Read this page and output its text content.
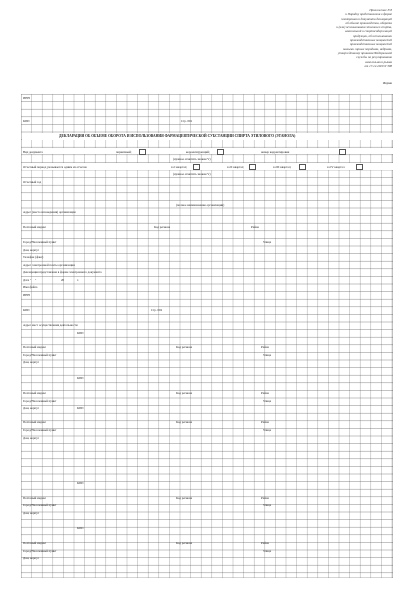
Приложение N 8
к Порядку представления в форме
электронного документа деклараций
об объеме производства, оборота
и (или) использования этилового спирта,
алкогольной и спиртосодержащей
продукции, об использовании
производственных мощностей
производственных мощностей
малыми горных породами, недрами,
утвержденному приказом Федеральной
службы по регулированию
алкогольного рынка
от 17.12.2020 N 398
Форма
ИНН
КПП	Стр. 001
ДЕКЛАРАЦИЯ ОБ ОБЪЕМЕ ОБОРОТА И ИСПОЛЬЗОВАНИЯ ФАРМАЦЕВТИЧЕСКОЙ СУБСТАНЦИИ СПИРТА ЭТИЛОВОГО (ЭТАНОЛА)
Вид документа	первичный;	корректирующий;	номер корректировки
(нужное отметить знаком V)
Отчетный период указывается одним из отчетов	за I квартал;	за II квартал;	за III квартал;	за IV квартал
(нужное отметить знаком V)
Отчетный год
(полное наименование организации)
Адрес (место нахождения) организации
Почтовый индекс	Код региона	Район
Город/Населенный пункт	Улица
Дом, корпус
Телефон (факс)
Адрес электронной почты организации
Декларация представлена в форме электронного документа
Дата " "	20	г.
Имя файла
ИНН
КПП	Стр. 002
Адрес мест осуществления деятельности
КПП
Почтовый индекс	Код региона	Район
Город/Населенный пункт	Улица
Дом, корпус
КПП
Почтовый индекс	Код региона	Район
Город/Населенный пункт	Улица
Дом, корпус
КПП
Почтовый индекс	Код региона	Район
Город/Населенный пункт	Улица
Дом, корпус
КПП
Почтовый индекс	Код региона	Район
Город/Населенный пункт	Улица
Дом, корпус
КПП
Почтовый индекс	Код региона	Район
Город/Населенный пункт	Улица
Дом, корпус
